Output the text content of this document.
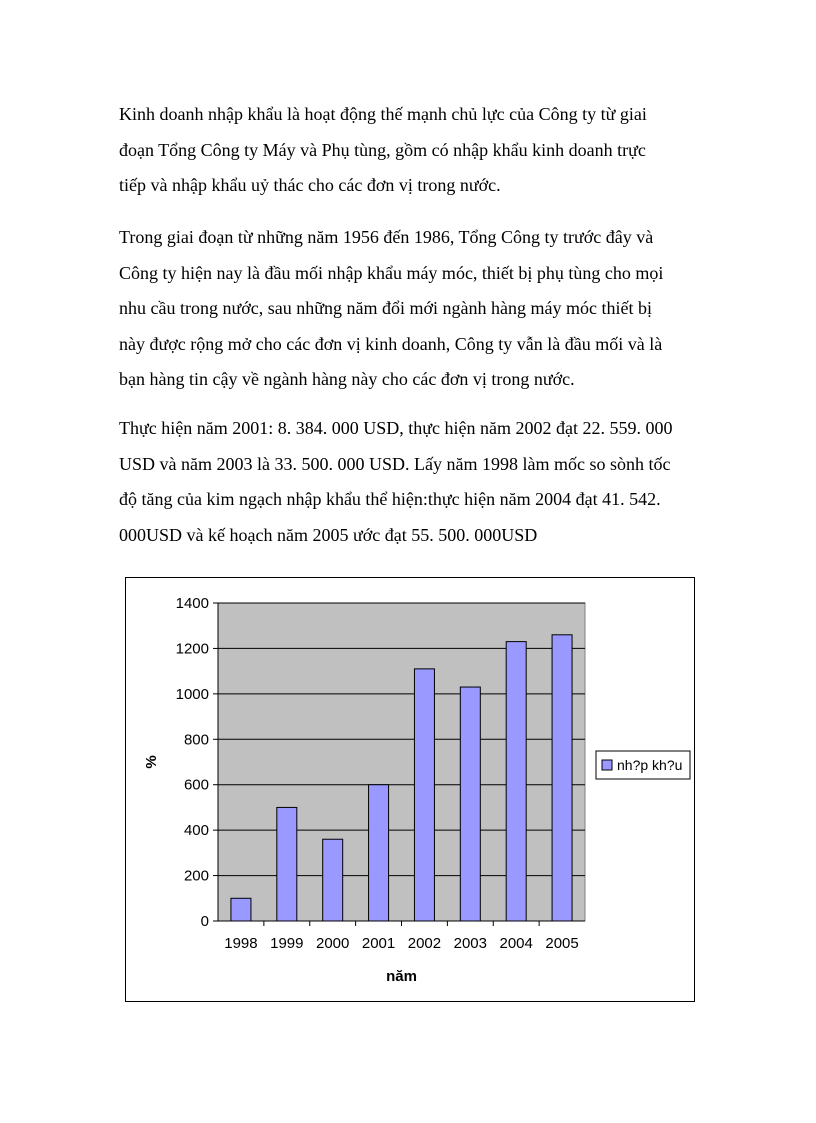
Kinh doanh nhập khẩu là hoạt động thế mạnh chủ lực của Công ty từ giai
đoạn Tổng Công ty Máy và Phụ tùng, gồm có nhập khẩu kinh doanh trực
tiếp và nhập khẩu uỷ thác cho các đơn vị trong nước.

Trong giai đoạn từ những năm 1956 đến 1986, Tổng Công ty trước đây và
Công ty hiện nay là đầu mối nhập khẩu máy móc, thiết bị phụ tùng cho mọi
nhu cầu trong nước, sau những năm đổi mới ngành hàng máy móc thiết bị
này được rộng mở cho các đơn vị kinh doanh, Công ty vẫn là đầu mối và là
bạn hàng tin cậy về ngành hàng này cho các đơn vị trong nước.

Thực hiện năm 2001: 8. 384. 000 USD, thực hiện năm 2002 đạt 22. 559. 000
USD và năm 2003 là 33. 500. 000 USD. Lấy năm 1998 làm mốc so sònh tốc
độ tăng của kim ngạch nhập khẩu thể hiện:thực hiện năm 2004 đạt 41. 542.
000USD và kế hoạch năm 2005 ước đạt 55. 500. 000USD

0
200
400
600
800
1000
1200
1400
1998 1999 2000 2001 2002 2003 2004 2005
năm
%	nh?p kh?u
